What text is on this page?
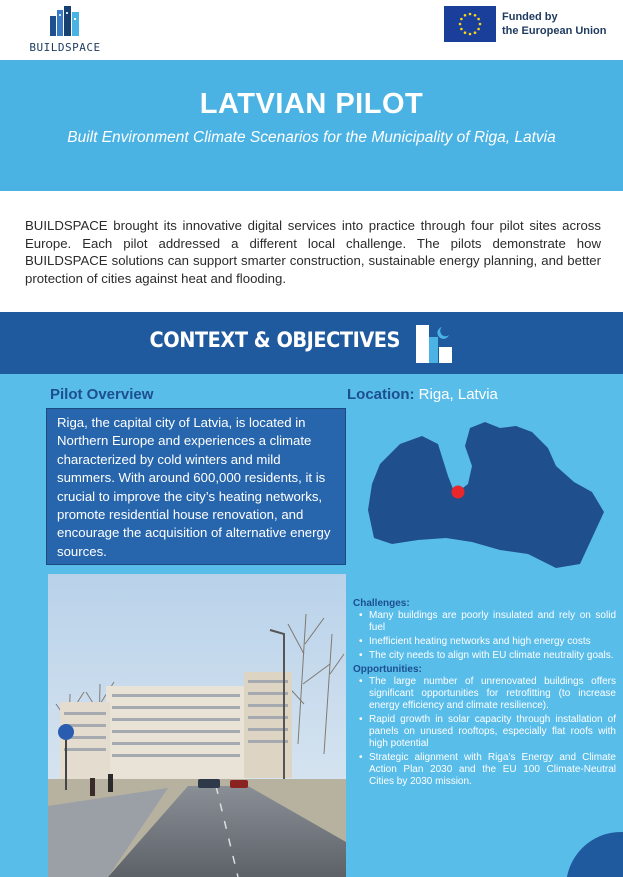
BUILDSPACE
Funded by
the European Union
LATVIAN PILOT
Built Environment Climate Scenarios for the Municipality of Riga, Latvia
BUILDSPACE brought its innovative digital services into practice through four pilot sites across Europe. Each pilot addressed a different local challenge. The pilots demonstrate how BUILDSPACE solutions can support smarter construction, sustainable energy planning, and better protection of cities against heat and flooding.
CONTEXT & OBJECTIVES
Pilot Overview
Riga, the capital city of Latvia, is located in Northern Europe and experiences a climate characterized by cold winters and mild summers. With around 600,000 residents, it is crucial to improve the city’s heating networks, promote residential house renovation, and encourage the acquisition of alternative energy sources.
Location: Riga, Latvia
Challenges:
• Many buildings are poorly insulated and rely on solid fuel
• Inefficient heating networks and high energy costs
• The city needs to align with EU climate neutrality goals.
Opportunities:
• The large number of unrenovated buildings offers significant opportunities for retrofitting (to increase energy efficiency and climate resilience).
• Rapid growth in solar capacity through installation of panels on unused rooftops, especially flat roofs with high potential
• Strategic alignment with Riga’s Energy and Climate Action Plan 2030 and the EU 100 Climate-Neutral Cities by 2030 mission.
